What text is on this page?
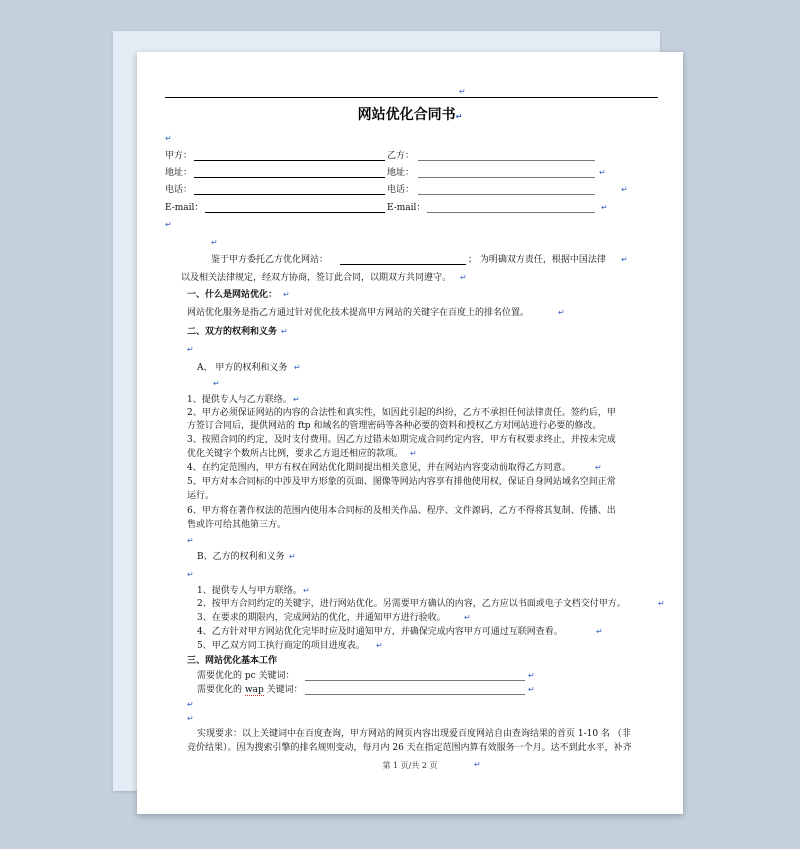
↵
网站优化合同书↵
↵
甲方：	乙方：
地址：	地址：	↵
电话：	电话：	↵
E-mail：	E-mail：	↵
↵
↵
鉴于甲方委托乙方优化网站：	； 为明确双方责任，根据中国法律 ↵
以及相关法律规定，经双方协商，签订此合同，以期双方共同遵守。 ↵
一、什么是网站优化： ↵
网站优化服务是指乙方通过针对优化技术提高甲方网站的关键字在百度上的排名位置。	↵
二、双方的权利和义务 ↵
↵
A、 甲方的权利和义务 ↵
↵
1、提供专人与乙方联络。 ↵
2、甲方必须保证网站的内容的合法性和真实性，如因此引起的纠纷，乙方不承担任何法律责任。签约后，甲
方签订合同后，提供网站的 ftp 和域名的管理密码等各种必要的资料和授权乙方对网站进行必要的修改。
3、按照合同的约定，及时支付费用。因乙方过错未如期完成合同约定内容，甲方有权要求终止，并按未完成
优化关键字个数所占比例，要求乙方退还相应的款项。 ↵
4、在约定范围内，甲方有权在网站优化期间提出相关意见，并在网站内容变动前取得乙方同意。	↵
5、甲方对本合同标的中涉及甲方形象的页面、图像等网站内容享有排他使用权，保证自身网站域名空间正常
运行。
6、甲方将在著作权法的范围内使用本合同标的及相关作品、程序、文件源码，乙方不得将其复制、传播、出
售或许可给其他第三方。
↵
B、乙方的权利和义务 ↵
↵
1、提供专人与甲方联络。 ↵
2、按甲方合同约定的关键字，进行网站优化。另需要甲方确认的内容，乙方应以书面或电子文档交付甲方。	↵
3、在要求的期限内，完成网站的优化，并通知甲方进行验收。 ↵
4、乙方针对甲方网站优化完毕时应及时通知甲方，并确保完成内容甲方可通过互联网查看。	↵
5、甲乙双方同工执行商定的项目进度表。 ↵
三、网站优化基本工作
需要优化的 pc 关键词：	↵
需要优化的 wap 关键词：	↵
↵
↵
实现要求：以上关键词中在百度查询，甲方网站的网页内容出现爱百度网站自由查询结果的首页 1-10 名 （非
竞价结果）。因为搜索引擎的排名规则变动，每月内 26 天在指定范围内算有效服务一个月。达不到此水平，补齐
第 1 页/共 2 页	↵
